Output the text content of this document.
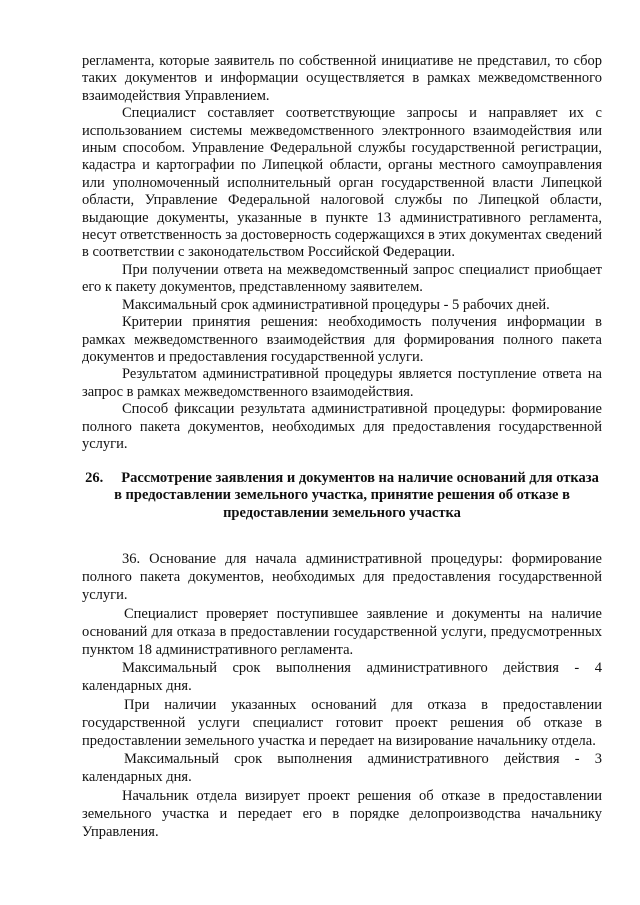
регламента, которые заявитель по собственной инициативе не представил, то сбор таких документов и информации осуществляется в рамках межведомственного взаимодействия Управлением.

Специалист составляет соответствующие запросы и направляет их с использованием системы межведомственного электронного взаимодействия или иным способом. Управление Федеральной службы государственной регистрации, кадастра и картографии по Липецкой области, органы местного самоуправления или уполномоченный исполнительный орган государственной власти Липецкой области, Управление Федеральной налоговой службы по Липецкой области, выдающие документы, указанные в пункте 13 административного регламента, несут ответственность за достоверность содержащихся в этих документах сведений в соответствии с законодательством Российской Федерации.

При получении ответа на межведомственный запрос специалист приобщает его к пакету документов, представленному заявителем.

Максимальный срок административной процедуры - 5 рабочих дней.

Критерии принятия решения: необходимость получения информации в рамках межведомственного взаимодействия для формирования полного пакета документов и предоставления государственной услуги.

Результатом административной процедуры является поступление ответа на запрос в рамках межведомственного взаимодействия.

Способ фиксации результата административной процедуры: формирование полного пакета документов, необходимых для предоставления государственной услуги.

26. Рассмотрение заявления и документов на наличие оснований для отказа в предоставлении земельного участка, принятие решения об отказе в предоставлении земельного участка

36. Основание для начала административной процедуры: формирование полного пакета документов, необходимых для предоставления государственной услуги.

Специалист проверяет поступившее заявление и документы на наличие оснований для отказа в предоставлении государственной услуги, предусмотренных пунктом 18 административного регламента.

Максимальный срок выполнения административного действия - 4 календарных дня.

При наличии указанных оснований для отказа в предоставлении государственной услуги специалист готовит проект решения об отказе в предоставлении земельного участка и передает на визирование начальнику отдела.

Максимальный срок выполнения административного действия - 3 календарных дня.

Начальник отдела визирует проект решения об отказе в предоставлении земельного участка и передает его в порядке делопроизводства начальнику Управления.
